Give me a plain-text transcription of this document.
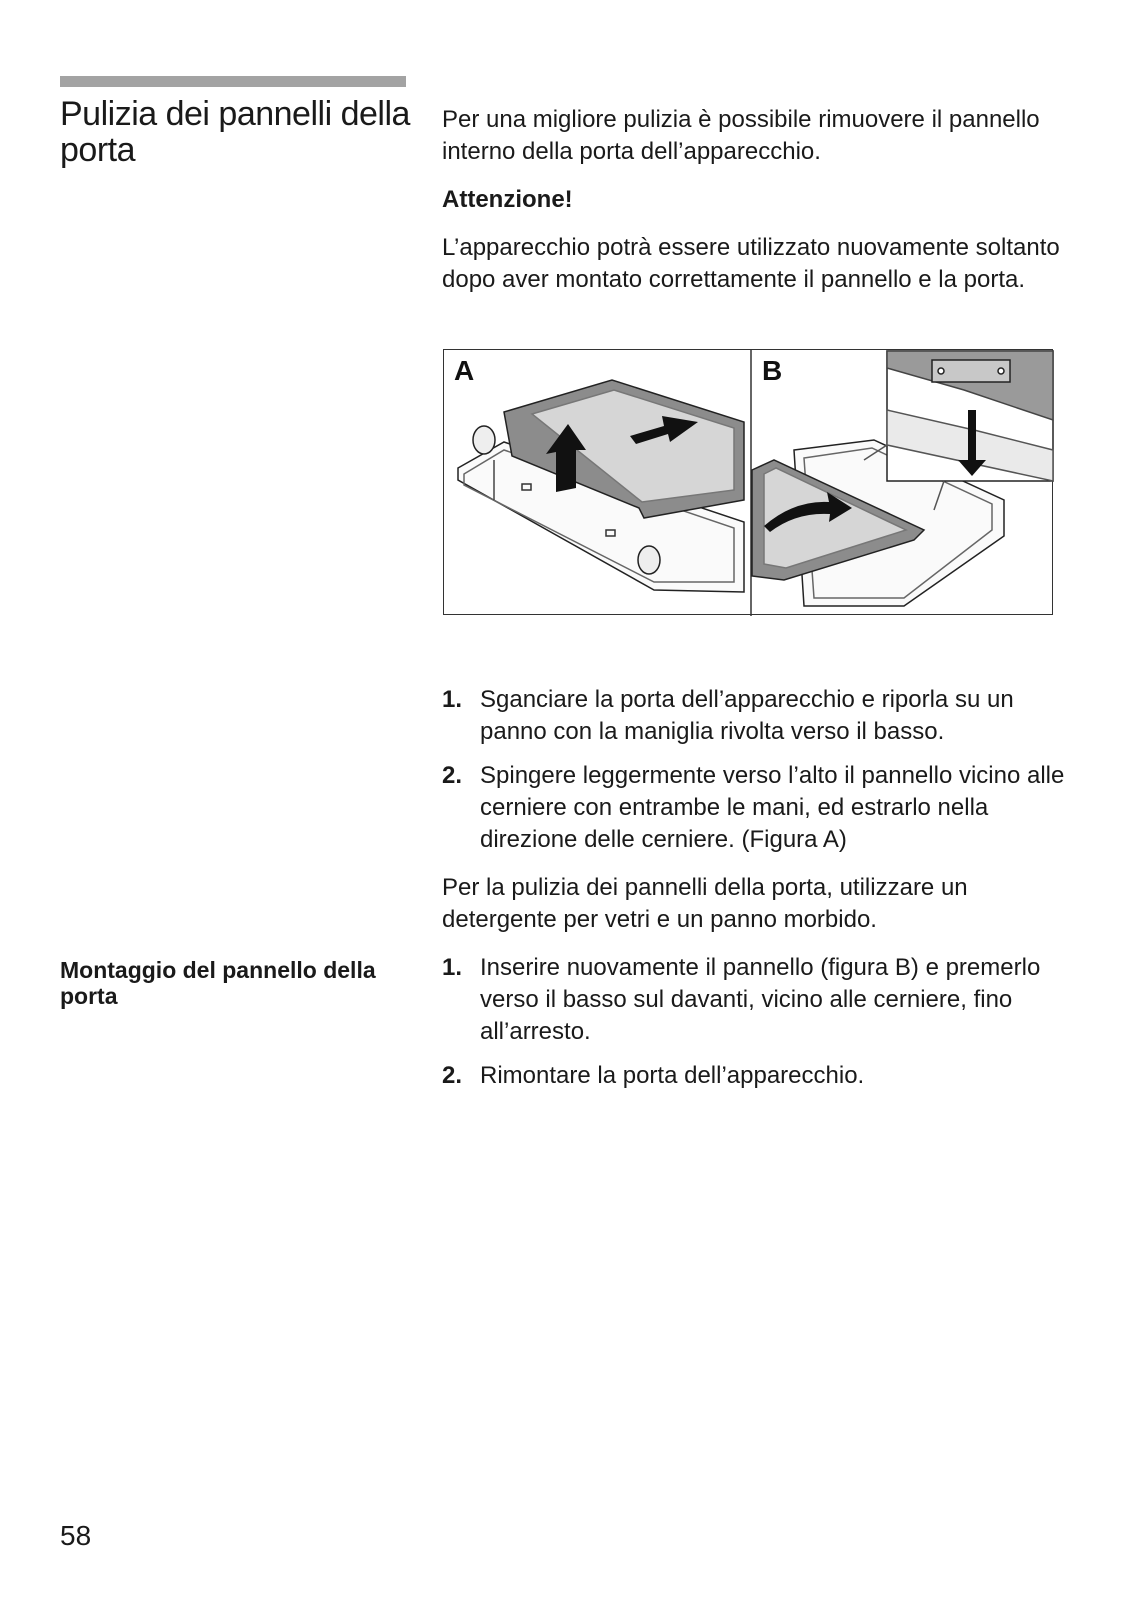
Pulizia dei pannelli della porta

Per una migliore pulizia è possibile rimuovere il pannello interno della porta dell’apparecchio.

Attenzione!

L’apparecchio potrà essere utilizzato nuovamente soltanto dopo aver montato correttamente il pannello e la porta.

A	B
1. Sganciare la porta dell’apparecchio e riporla su un panno con la maniglia rivolta verso il basso.
2. Spingere leggermente verso l’alto il pannello vicino alle cerniere con entrambe le mani, ed estrarlo nella direzione delle cerniere. (Figura A)

Per la pulizia dei pannelli della porta, utilizzare un detergente per vetri e un panno morbido.

Montaggio del pannello della porta
1. Inserire nuovamente il pannello (figura B) e premerlo verso il basso sul davanti, vicino alle cerniere, fino all’arresto.
2. Rimontare la porta dell’apparecchio.
58
